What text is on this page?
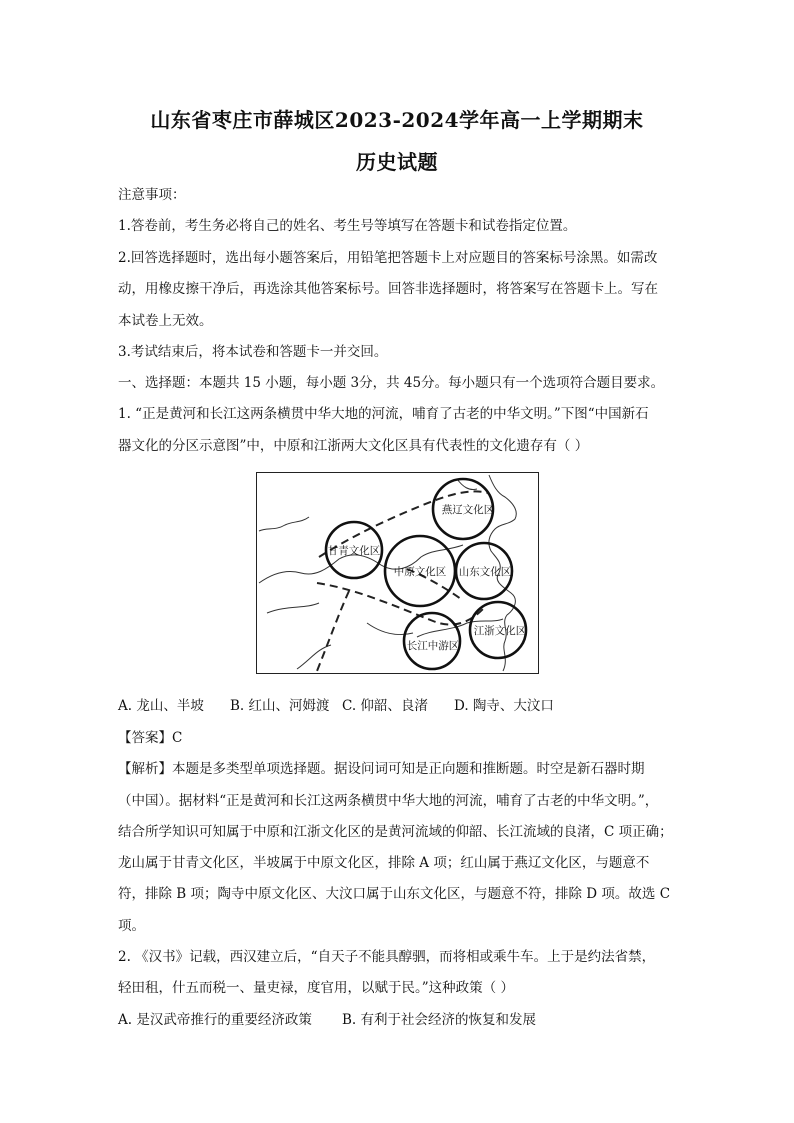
山东省枣庄市薛城区2023-2024学年高一上学期期末
历史试题
注意事项：
1.答卷前，考生务必将自己的姓名、考生号等填写在答题卡和试卷指定位置。
2.回答选择题时，选出每小题答案后，用铅笔把答题卡上对应题目的答案标号涂黑。如需改
动，用橡皮擦干净后，再选涂其他答案标号。回答非选择题时，将答案写在答题卡上。写在
本试卷上无效。
3.考试结束后，将本试卷和答题卡一并交回。
一、选择题：本题共 15 小题，每小题 3分，共 45分。每小题只有一个选项符合题目要求。
1. “正是黄河和长江这两条横贯中华大地的河流，哺育了古老的中华文明。”下图“中国新石
器文化的分区示意图”中，中原和江浙两大文化区具有代表性的文化遗存有（ ）
燕辽文化区
甘青文化区
中原文化区 山东文化区
江浙文化区
长江中游区
A. 龙山、半坡 B. 红山、河姆渡 C. 仰韶、良渚 D. 陶寺、大汶口
【答案】C
【解析】本题是多类型单项选择题。据设问词可知是正向题和推断题。时空是新石器时期
（中国）。据材料“正是黄河和长江这两条横贯中华大地的河流，哺育了古老的中华文明。”，
结合所学知识可知属于中原和江浙文化区的是黄河流域的仰韶、长江流域的良渚，C 项正确；
龙山属于甘青文化区，半坡属于中原文化区，排除 A 项；红山属于燕辽文化区，与题意不
符，排除 B 项；陶寺中原文化区、大汶口属于山东文化区，与题意不符，排除 D 项。故选 C
项。
2. 《汉书》记载，西汉建立后，“自天子不能具醇驷，而将相或乘牛车。上于是约法省禁，
轻田租，什五而税一、量吏禄，度官用，以赋于民。”这种政策（ ）
A. 是汉武帝推行的重要经济政策 B. 有利于社会经济的恢复和发展
